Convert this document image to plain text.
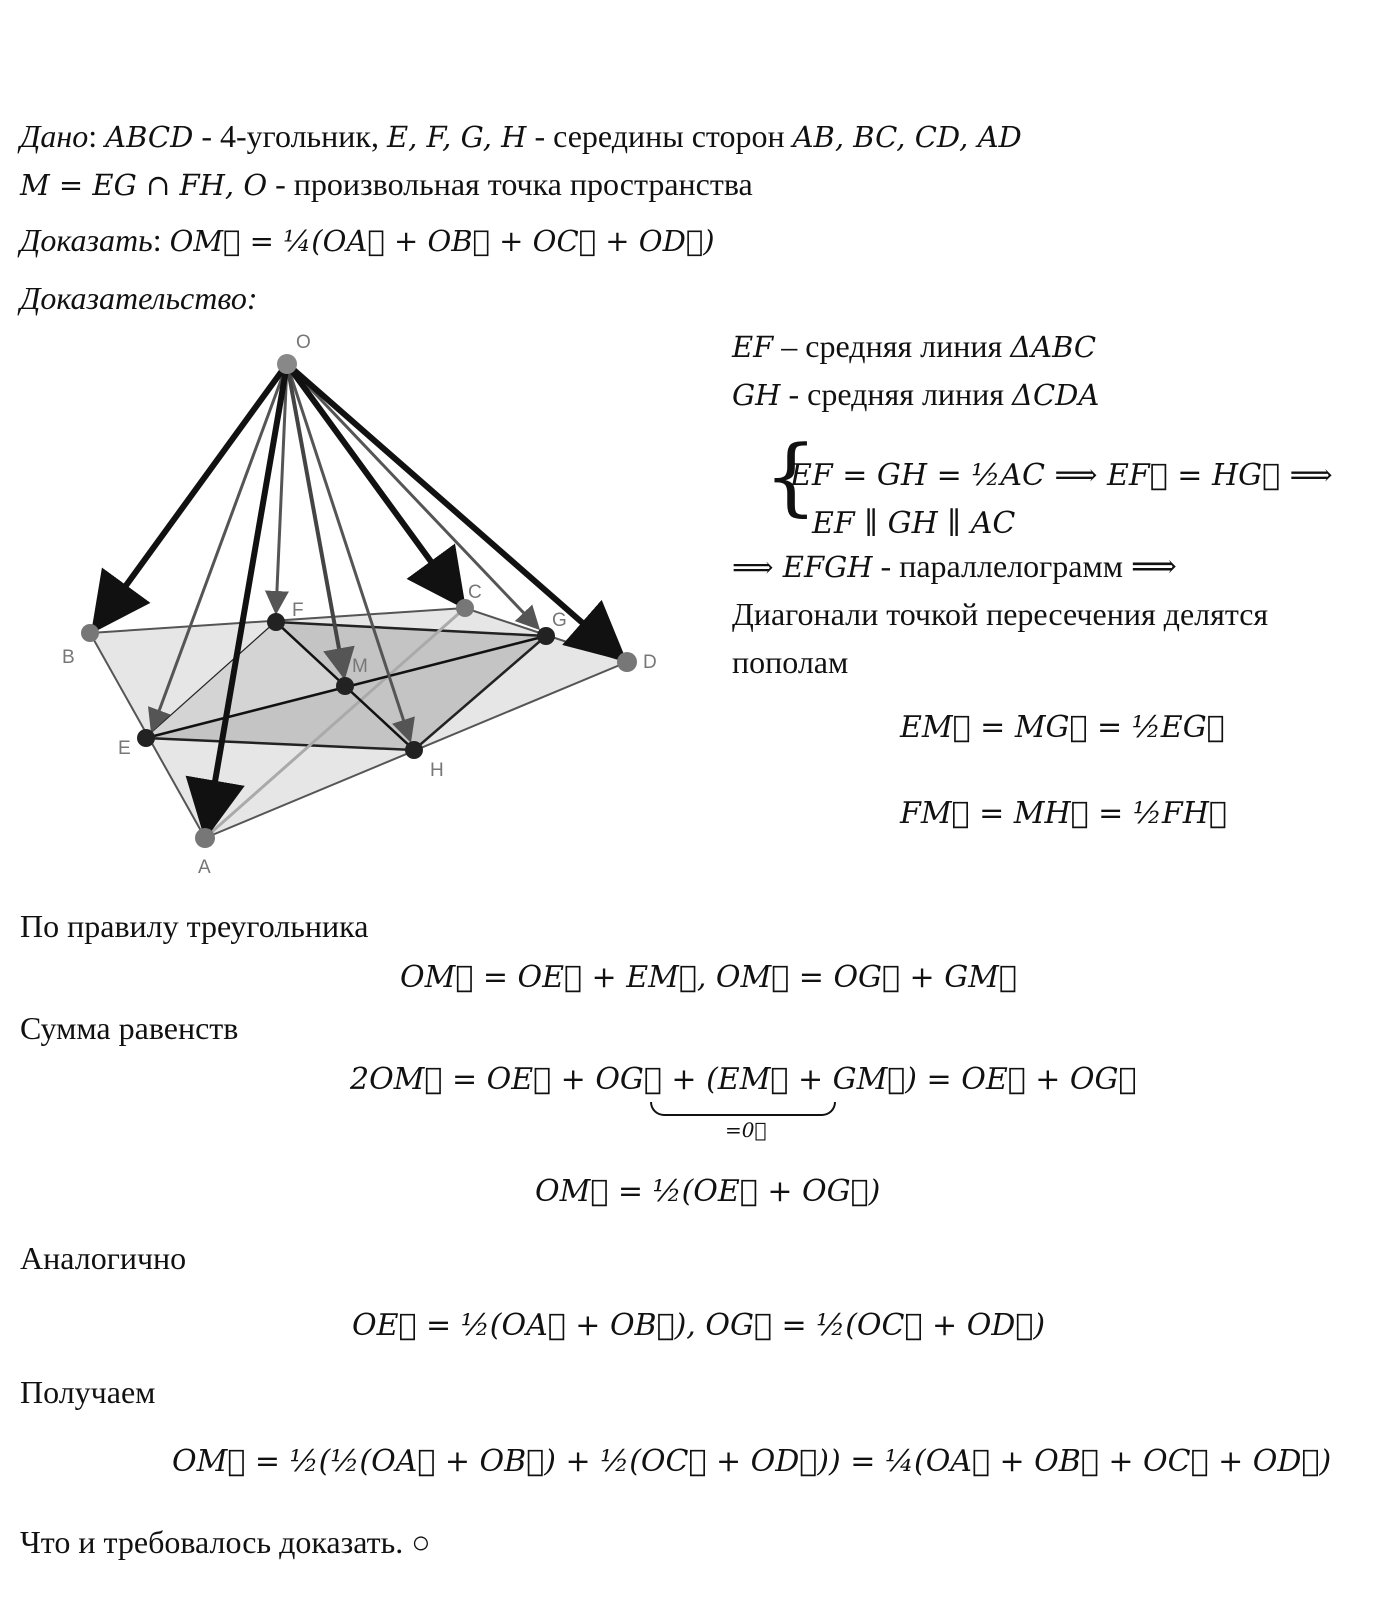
Дано: ABCD - 4-угольник, E, F, G, H - середины сторон AB, BC, CD, AD
M = EG ∩ FH, O - произвольная точка пространства
Доказать: OM⃗ = ¼(OA⃗ + OB⃗ + OC⃗ + OD⃗)
Доказательство:
O
A
B
C
D
E
F	G
H
M
EF – средняя линия ΔABC
GH - средняя линия ΔCDA
{
EF = GH = ½AC ⟹ EF⃗ = HG⃗ ⟹
EF ∥ GH ∥ AC
⟹ EFGH - параллелограмм ⟹
Диагонали точкой пересечения делятся
пополам
EM⃗ = MG⃗ = ½EG⃗
FM⃗ = MH⃗ = ½FH⃗
По правилу треугольника
OM⃗ = OE⃗ + EM⃗, OM⃗ = OG⃗ + GM⃗
Сумма равенств
2OM⃗ = OE⃗ + OG⃗ + (EM⃗ + GM⃗) = OE⃗ + OG⃗
=0⃗
OM⃗ = ½(OE⃗ + OG⃗)
Аналогично
OE⃗ = ½(OA⃗ + OB⃗), OG⃗ = ½(OC⃗ + OD⃗)
Получаем
OM⃗ = ½(½(OA⃗ + OB⃗) + ½(OC⃗ + OD⃗)) = ¼(OA⃗ + OB⃗ + OC⃗ + OD⃗)
Что и требовалось доказать. ○
